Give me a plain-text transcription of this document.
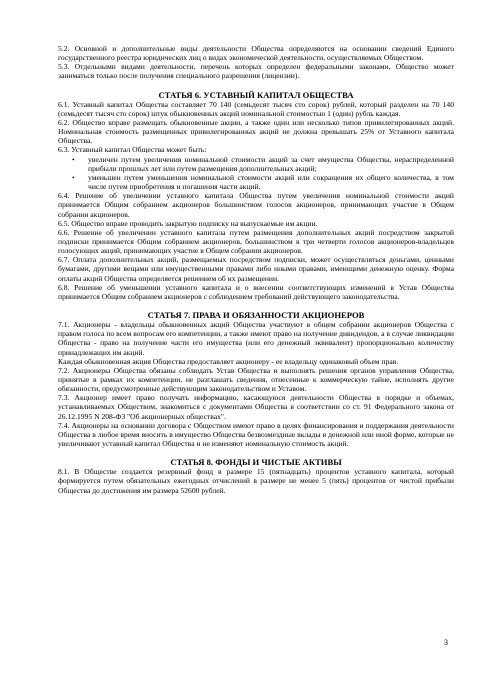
5.2. Основной и дополнительные виды деятельности Общества определяются на основании сведений Единого государственного реестра юридических лиц о видах экономической деятельности, осуществляемых Обществом.

5.3. Отдельными видами деятельности, перечень которых определен федеральными законами, Общество может заниматься только после получения специального разрешения (лицензии).

СТАТЬЯ 6. УСТАВНЫЙ КАПИТАЛ ОБЩЕСТВА

6.1. Уставный капитал Общества составляет 70 140 (семьдесят тысяч сто сорок) рублей, который разделен на 70 140 (семьдесят тысяч сто сорок) штук обыкновенных акций номинальной стоимостью 1 (один) рубль каждая.

6.2. Общество вправе размещать обыкновенные акции, а также один или несколько типов привилегированных акций. Номинальная стоимость размещенных привилегированных акций не должна превышать 25% от Уставного капитала Общества.

6.3. Уставный капитал Общества может быть:

• увеличен путем увеличения номинальной стоимости акций за счет имущества Общества, нераспределенной прибыли прошлых лет или путем размещения дополнительных акций;
• уменьшен путем уменьшения номинальной стоимости акций или сокращения их общего количества, в том числе путем приобретения и погашения части акций.

6.4. Решение об увеличении уставного капитала Общества путем увеличения номинальной стоимости акций принимается Общим собранием акционеров большинством голосов акционеров, принимающих участие в Общем собрании акционеров.

6.5. Общество вправе проводить закрытую подписку на выпускаемые им акции.

6.6. Решение об увеличении уставного капитала путем размещения дополнительных акций посредством закрытой подписки принимается Общим собранием акционеров, большинством в три четверти голосов акционеров-владельцев голосующих акций, принимающих участие в Общем собрании акционеров.

6.7. Оплата дополнительных акций, размещаемых посредством подписки, может осуществляться деньгами, ценными бумагами, другими вещами или имущественными правами либо иными правами, имеющими денежную оценку. Форма оплаты акций Общества определяется решением об их размещении.

6.8. Решение об уменьшении уставного капитала и о внесении соответствующих изменений в Устав Общества принимается Общим собранием акционеров с соблюдением требований действующего законодательства.

СТАТЬЯ 7. ПРАВА И ОБЯЗАННОСТИ АКЦИОНЕРОВ

7.1. Акционеры - владельцы обыкновенных акций Общества участвуют в общем собрании акционеров Общества с правом голоса по всем вопросам его компетенции, а также имеют право на получение дивидендов, а в случае ликвидации Общества - право на получение части его имущества (или его денежный эквивалент) пропорционально количеству принадлежащих им акций.

Каждая обыкновенная акция Общества предоставляет акционеру - ее владельцу одинаковый объем прав.

7.2. Акционеры Общества обязаны соблюдать Устав Общества и выполнять решения органов управления Общества, принятые в рамках их компетенции, не разглашать сведения, отнесенные к коммерческую тайне, исполнять другие обязанности, предусмотренные действующим законодательством и Уставом.

7.3. Акционер имеет право получать информацию, касающуюся деятельности Общества в порядке и объемах, устанавливаемых Обществом, знакомиться с документами Общества в соответствии со ст. 91 Федерального закона от 26.12.1995 N 208-ФЗ "Об акционерных обществах".

7.4. Акционеры на основании договора с Обществом имеют право в целях финансирования и поддержания деятельности Общества в любое время вносить в имущество Общества безвозмездные вклады в денежной или иной форме, которые не увеличивают уставный капитал Общества и не изменяют номинальную стоимость акций.

СТАТЬЯ 8. ФОНДЫ И ЧИСТЫЕ АКТИВЫ

8.1. В Обществе создается резервный фонд в размере 15 (пятнадцать) процентов уставного капитала, который формируется путем обязательных ежегодных отчислений в размере не менее 5 (пять) процентов от чистой прибыли Общества до достижения им размера 52600 рублей.

3
